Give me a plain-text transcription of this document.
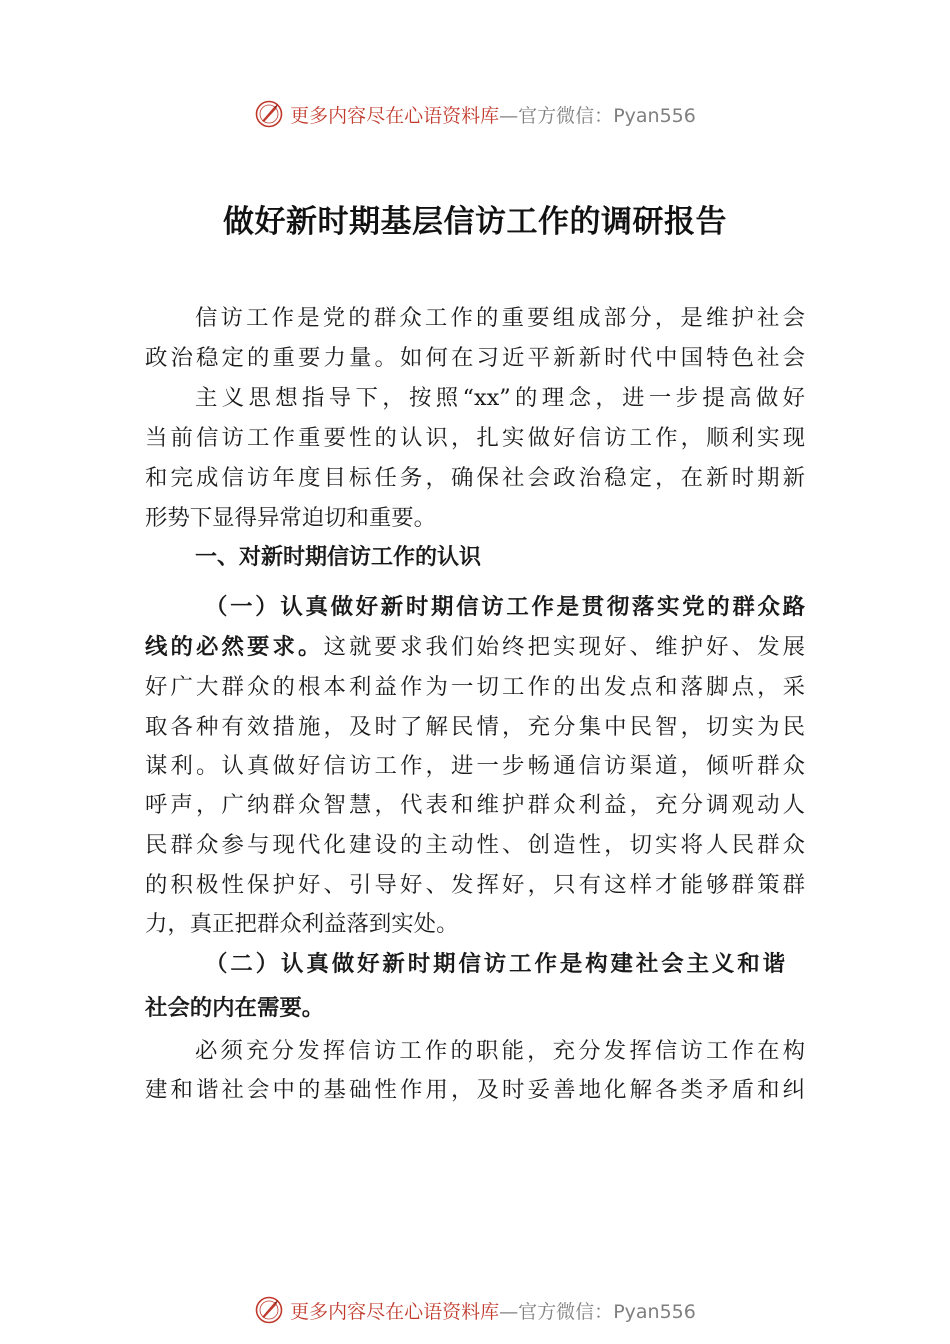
更多内容尽在心语资料库—官方微信：Pyan556
做好新时期基层信访工作的调研报告
信访工作是党的群众工作的重要组成部分，是维护社会
政治稳定的重要力量。如何在习近平新新时代中国特色社会
主义思想指导下，按照“xx”的理念，进一步提高做好
当前信访工作重要性的认识，扎实做好信访工作，顺利实现
和完成信访年度目标任务，确保社会政治稳定，在新时期新
形势下显得异常迫切和重要。
一、对新时期信访工作的认识
（一）认真做好新时期信访工作是贯彻落实党的群众路
线的必然要求。这就要求我们始终把实现好、维护好、发展
好广大群众的根本利益作为一切工作的出发点和落脚点，采
取各种有效措施，及时了解民情，充分集中民智，切实为民
谋利。认真做好信访工作，进一步畅通信访渠道，倾听群众
呼声，广纳群众智慧，代表和维护群众利益，充分调观动人
民群众参与现代化建设的主动性、创造性，切实将人民群众
的积极性保护好、引导好、发挥好，只有这样才能够群策群
力，真正把群众利益落到实处。
（二）认真做好新时期信访工作是构建社会主义和谐
社会的内在需要。
必须充分发挥信访工作的职能，充分发挥信访工作在构
建和谐社会中的基础性作用，及时妥善地化解各类矛盾和纠
更多内容尽在心语资料库—官方微信：Pyan556
